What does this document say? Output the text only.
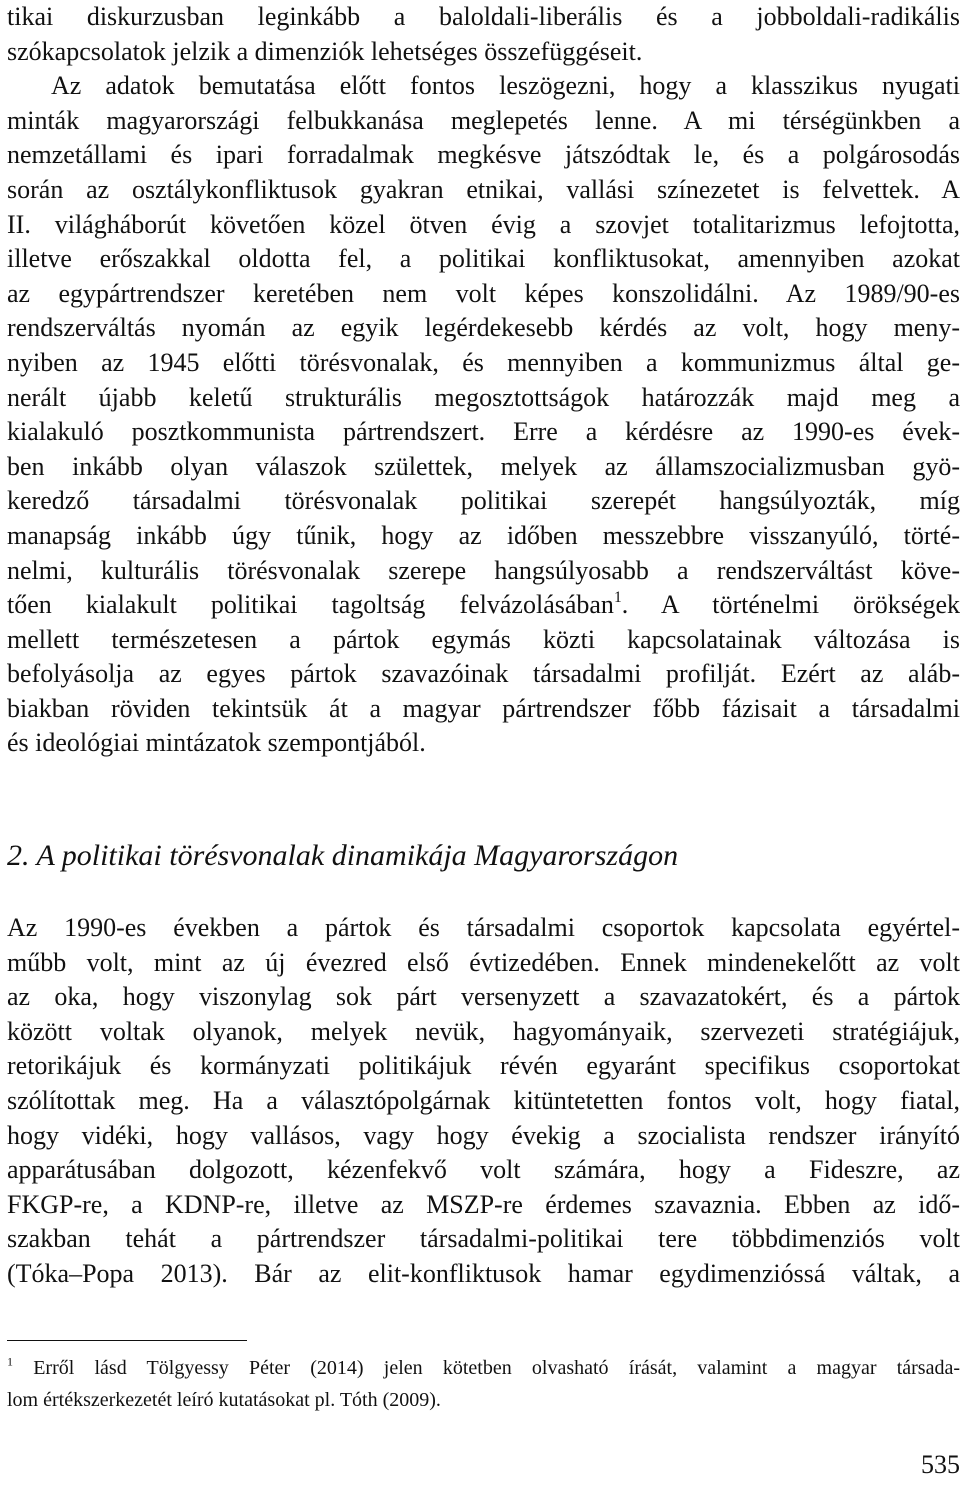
tikai diskurzusban leginkább a baloldali-liberális és a jobboldali-radikális
szókapcsolatok jelzik a dimenziók lehetséges összefüggéseit.
Az adatok bemutatása előtt fontos leszögezni, hogy a klasszikus nyugati
minták magyarországi felbukkanása meglepetés lenne. A mi térségünkben a
nemzetállami és ipari forradalmak megkésve játszódtak le, és a polgárosodás
során az osztálykonfliktusok gyakran etnikai, vallási színezetet is felvettek. A
II. világháborút követően közel ötven évig a szovjet totalitarizmus lefojtotta,
illetve erőszakkal oldotta fel, a politikai konfliktusokat, amennyiben azokat
az egypártrendszer keretében nem volt képes konszolidálni. Az 1989/90-es
rendszerváltás nyomán az egyik legérdekesebb kérdés az volt, hogy meny-
nyiben az 1945 előtti törésvonalak, és mennyiben a kommunizmus által ge-
nerált újabb keletű strukturális megosztottságok határozzák majd meg a
kialakuló posztkommunista pártrendszert. Erre a kérdésre az 1990-es évek-
ben inkább olyan válaszok születtek, melyek az államszocializmusban gyö-
keredző társadalmi törésvonalak politikai szerepét hangsúlyozták, míg
manapság inkább úgy tűnik, hogy az időben messzebbre visszanyúló, törté-
nelmi, kulturális törésvonalak szerepe hangsúlyosabb a rendszerváltást köve-
tően kialakult politikai tagoltság felvázolásában$^1$. A történelmi örökségek
mellett természetesen a pártok egymás közti kapcsolatainak változása is
befolyásolja az egyes pártok szavazóinak társadalmi profilját. Ezért az aláb-
biakban röviden tekintsük át a magyar pártrendszer főbb fázisait a társadalmi
és ideológiai mintázatok szempontjából.
2. A politikai törésvonalak dinamikája Magyarországon
Az 1990-es években a pártok és társadalmi csoportok kapcsolata egyértel-
műbb volt, mint az új évezred első évtizedében. Ennek mindenekelőtt az volt
az oka, hogy viszonylag sok párt versenyzett a szavazatokért, és a pártok
között voltak olyanok, melyek nevük, hagyományaik, szervezeti stratégiájuk,
retorikájuk és kormányzati politikájuk révén egyaránt specifikus csoportokat
szólítottak meg. Ha a választópolgárnak kitüntetetten fontos volt, hogy fiatal,
hogy vidéki, hogy vallásos, vagy hogy évekig a szocialista rendszer irányító
apparátusában dolgozott, kézenfekvő volt számára, hogy a Fideszre, az
FKGP-re, a KDNP-re, illetve az MSZP-re érdemes szavaznia. Ebben az idő-
szakban tehát a pártrendszer társadalmi-politikai tere többdimenziós volt
(Tóka–Popa 2013). Bár az elit-konfliktusok hamar egydimenzióssá váltak, a
$^1$ Erről lásd Tölgyessy Péter (2014) jelen kötetben olvasható írását, valamint a magyar társada-
lom értékszerkezetét leíró kutatásokat pl. Tóth (2009).
535
